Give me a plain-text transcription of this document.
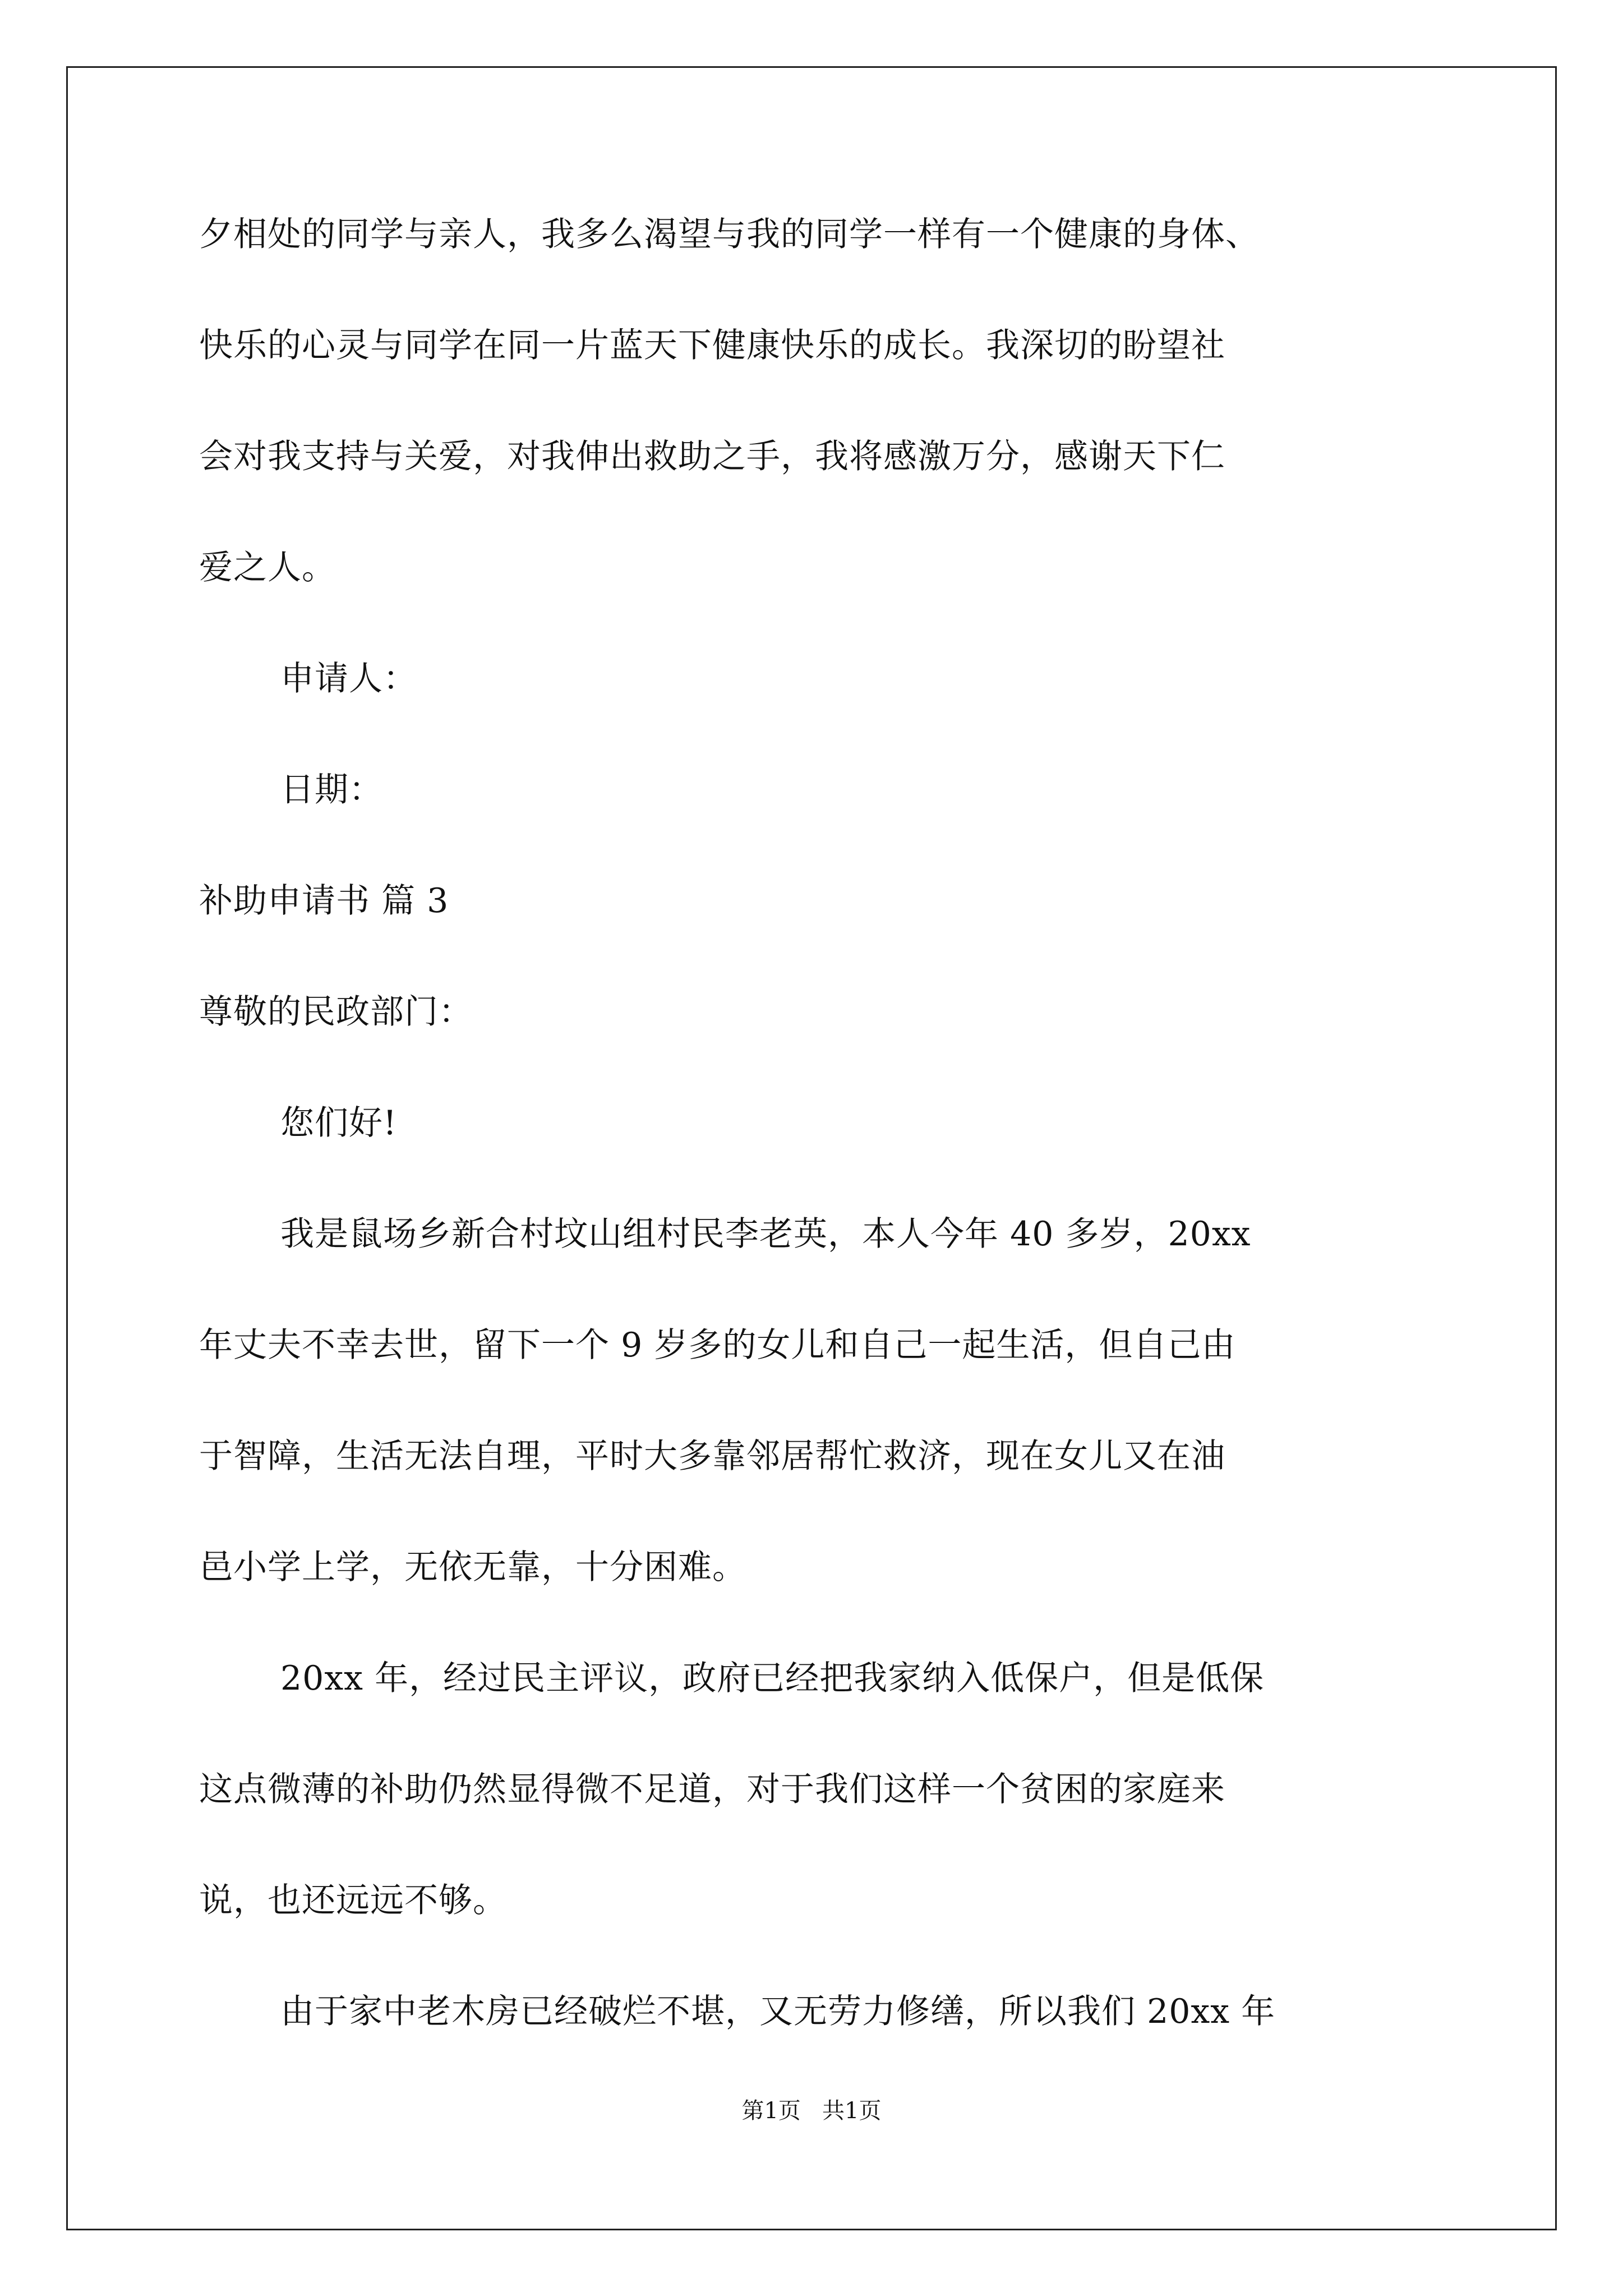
夕相处的同学与亲人，我多么渴望与我的同学一样有一个健康的身体、
快乐的心灵与同学在同一片蓝天下健康快乐的成长。我深切的盼望社
会对我支持与关爱，对我伸出救助之手，我将感激万分，感谢天下仁
爱之人。
申请人：
日期：
补助申请书 篇 3
尊敬的民政部门：
您们好!
我是鼠场乡新合村坟山组村民李老英，本人今年 40 多岁，20xx
年丈夫不幸去世，留下一个 9 岁多的女儿和自己一起生活，但自己由
于智障，生活无法自理，平时大多靠邻居帮忙救济，现在女儿又在油
邑小学上学，无依无靠，十分困难。
20xx 年，经过民主评议，政府已经把我家纳入低保户，但是低保
这点微薄的补助仍然显得微不足道，对于我们这样一个贫困的家庭来
说，也还远远不够。
由于家中老木房已经破烂不堪，又无劳力修缮，所以我们 20xx 年
第1页   共1页
